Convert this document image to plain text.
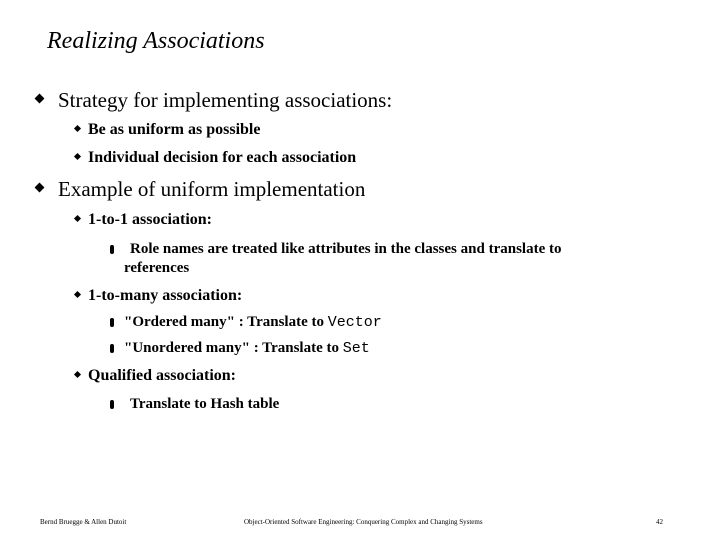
Realizing Associations
Strategy for implementing associations:
Be as uniform as possible
Individual decision for each association
Example of uniform implementation
1-to-1 association:
Role names are treated like attributes in the classes and translate to
references
1-to-many association:
"Ordered many" : Translate to Vector
"Unordered many" : Translate to Set
Qualified association:
Translate to Hash table
Bernd Bruegge & Allen Dutoit	Object-Oriented Software Engineering: Conquering Complex and Changing Systems	42
